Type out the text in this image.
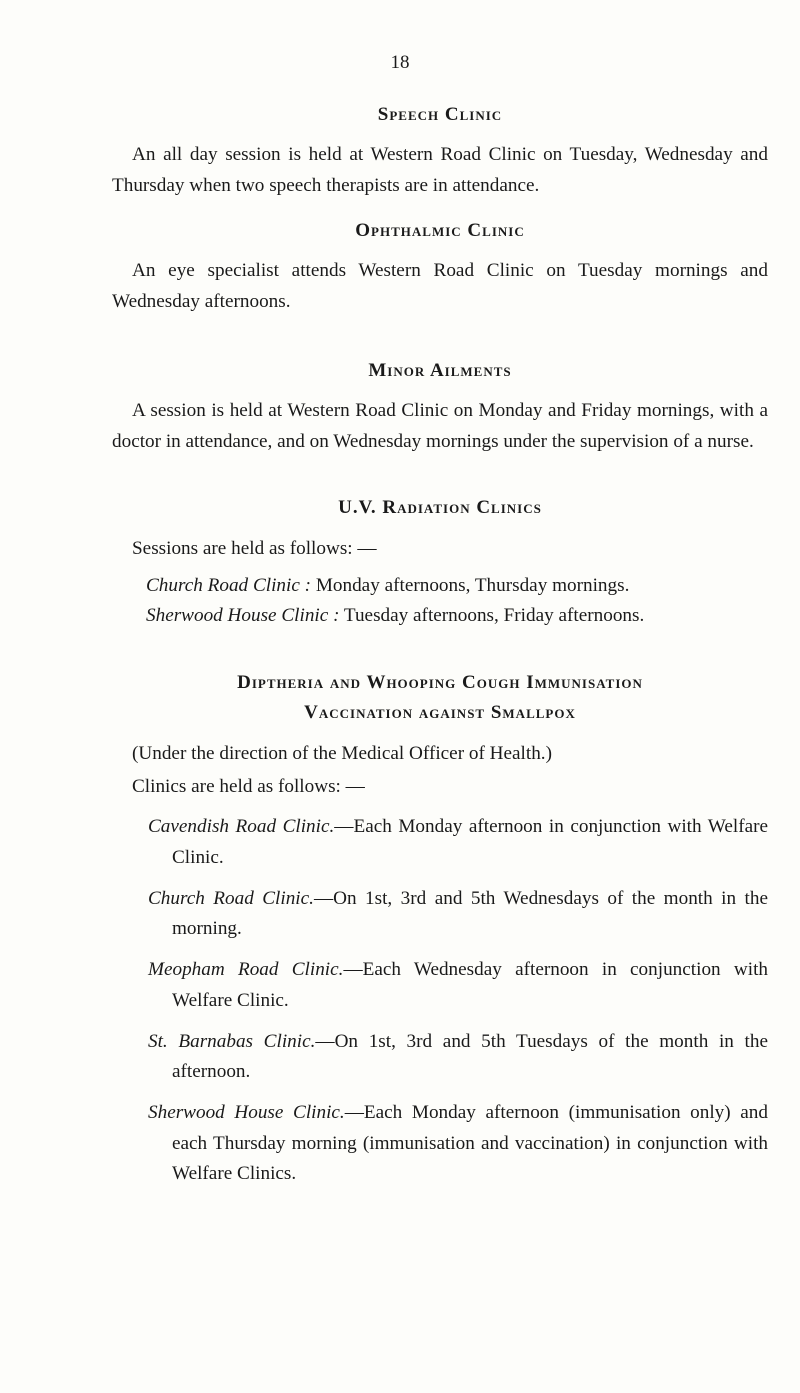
18
Speech Clinic

An all day session is held at Western Road Clinic on Tuesday, Wednesday and Thursday when two speech therapists are in attendance.

Ophthalmic Clinic

An eye specialist attends Western Road Clinic on Tuesday mornings and Wednesday afternoons.

Minor Ailments

A session is held at Western Road Clinic on Monday and Friday mornings, with a doctor in attendance, and on Wednesday mornings under the supervision of a nurse.

U.V. Radiation Clinics

Sessions are held as follows: —

Church Road Clinic : Monday afternoons, Thursday mornings.

Sherwood House Clinic : Tuesday afternoons, Friday afternoons.

Diptheria and Whooping Cough Immunisation
Vaccination against Smallpox

(Under the direction of the Medical Officer of Health.)

Clinics are held as follows: —

Cavendish Road Clinic.—Each Monday afternoon in conjunction with Welfare Clinic.

Church Road Clinic.—On 1st, 3rd and 5th Wednesdays of the month in the morning.

Meopham Road Clinic.—Each Wednesday afternoon in conjunction with Welfare Clinic.

St. Barnabas Clinic.—On 1st, 3rd and 5th Tuesdays of the month in the afternoon.

Sherwood House Clinic.—Each Monday afternoon (immunisation only) and each Thursday morning (immunisation and vaccination) in conjunction with Welfare Clinics.
